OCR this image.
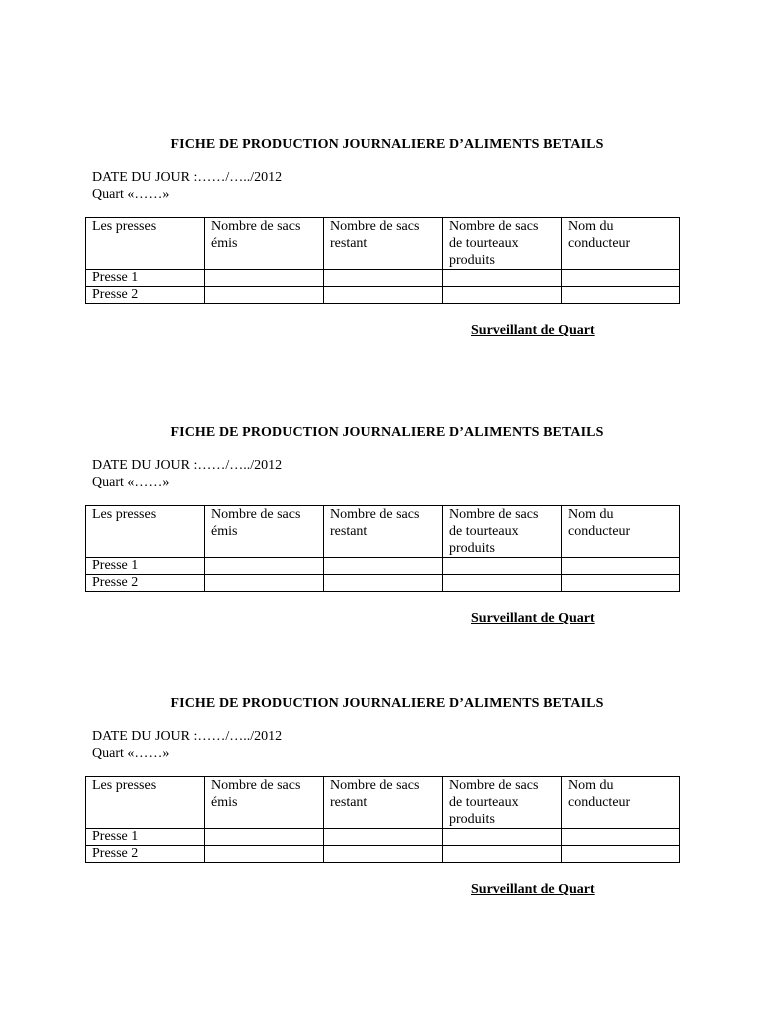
FICHE DE PRODUCTION JOURNALIERE D’ALIMENTS BETAILS
DATE DU JOUR :……/…../2012
Quart «……»
Les presses	Nombre de sacs émis	Nombre de sacs restant	Nombre de sacs de tourteaux produits	Nom du conducteur
Presse 1				
Presse 2				
Surveillant de Quart
FICHE DE PRODUCTION JOURNALIERE D’ALIMENTS BETAILS
DATE DU JOUR :……/…../2012
Quart «……»
Les presses	Nombre de sacs émis	Nombre de sacs restant	Nombre de sacs de tourteaux produits	Nom du conducteur
Presse 1				
Presse 2				
Surveillant de Quart
FICHE DE PRODUCTION JOURNALIERE D’ALIMENTS BETAILS
DATE DU JOUR :……/…../2012
Quart «……»
Les presses	Nombre de sacs émis	Nombre de sacs restant	Nombre de sacs de tourteaux produits	Nom du conducteur
Presse 1				
Presse 2				
Surveillant de Quart
